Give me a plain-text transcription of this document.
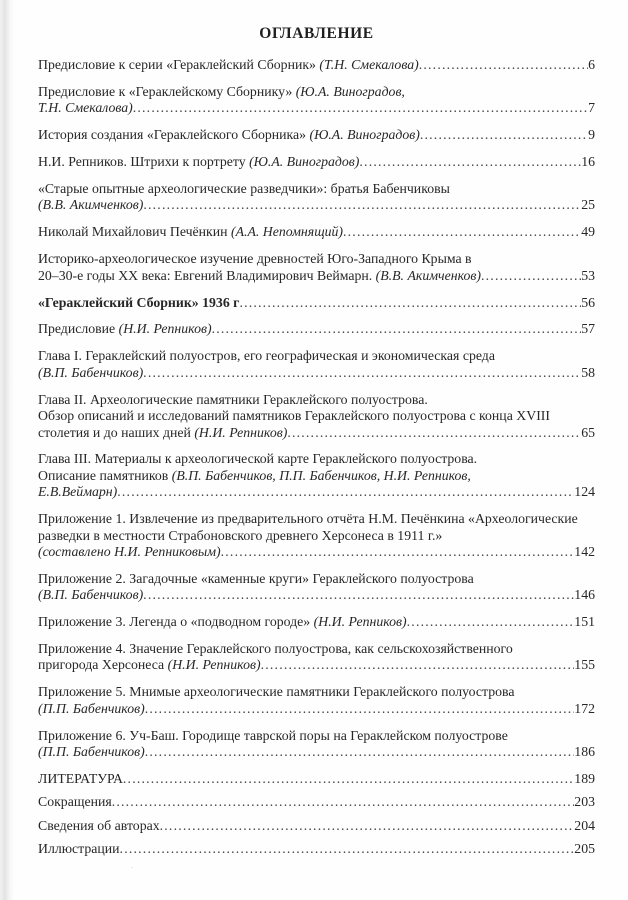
.
ОГЛАВЛЕНИЕ
Предисловие к серии «Гераклейский Сборник» (Т.Н. Смекалова) .....	6
Предисловие к «Гераклейскому Сборнику» (Ю.А. Виноградов,
Т.Н. Смекалова) .....	7
История создания «Гераклейского Сборника» (Ю.А. Виноградов) .....	9
Н.И. Репников. Штрихи к портрету (Ю.А. Виноградов) .....	16
«Старые опытные археологические разведчики»: братья Бабенчиковы
(В.В. Акимченков) .....	25
Николай Михайлович Печёнкин (А.А. Непомнящий) .....	49
Историко-археологическое изучение древностей Юго-Западного Крыма в
20–30-е годы XX века: Евгений Владимирович Веймарн. (В.В. Акимченков) .....	53
«Гераклейский Сборник» 1936 г .....	56
Предисловие (Н.И. Репников) .....	57
Глава I. Гераклейский полуостров, его географическая и экономическая среда
(В.П. Бабенчиков) .....	58
Глава II. Археологические памятники Гераклейского полуострова.
Обзор описаний и исследований памятников Гераклейского полуострова с конца XVIII
столетия и до наших дней (Н.И. Репников) .....	65
Глава III. Материалы к археологической карте Гераклейского полуострова.
Описание памятников (В.П. Бабенчиков, П.П. Бабенчиков, Н.И. Репников,
Е.В.Веймарн) .....	124
Приложение 1. Извлечение из предварительного отчёта Н.М. Печёнкина «Археологические
разведки в местности Страбоновского древнего Херсонеса в 1911 г.»
(составлено Н.И. Репниковым) .....	142
Приложение 2. Загадочные «каменные круги» Гераклейского полуострова
(В.П. Бабенчиков) .....	146
Приложение 3. Легенда о «подводном городе» (Н.И. Репников) .....	151
Приложение 4. Значение Гераклейского полуострова, как сельскохозяйственного
пригорода Херсонеса (Н.И. Репников) .....	155
Приложение 5. Мнимые археологические памятники Гераклейского полуострова
(П.П. Бабенчиков) .....	172
Приложение 6. Уч-Баш. Городище таврской поры на Гераклейском полуострове
(П.П. Бабенчиков) .....	186
ЛИТЕРАТУРА .....	189
Сокращения .....	203
Сведения об авторах .....	204
Иллюстрации .....	205
